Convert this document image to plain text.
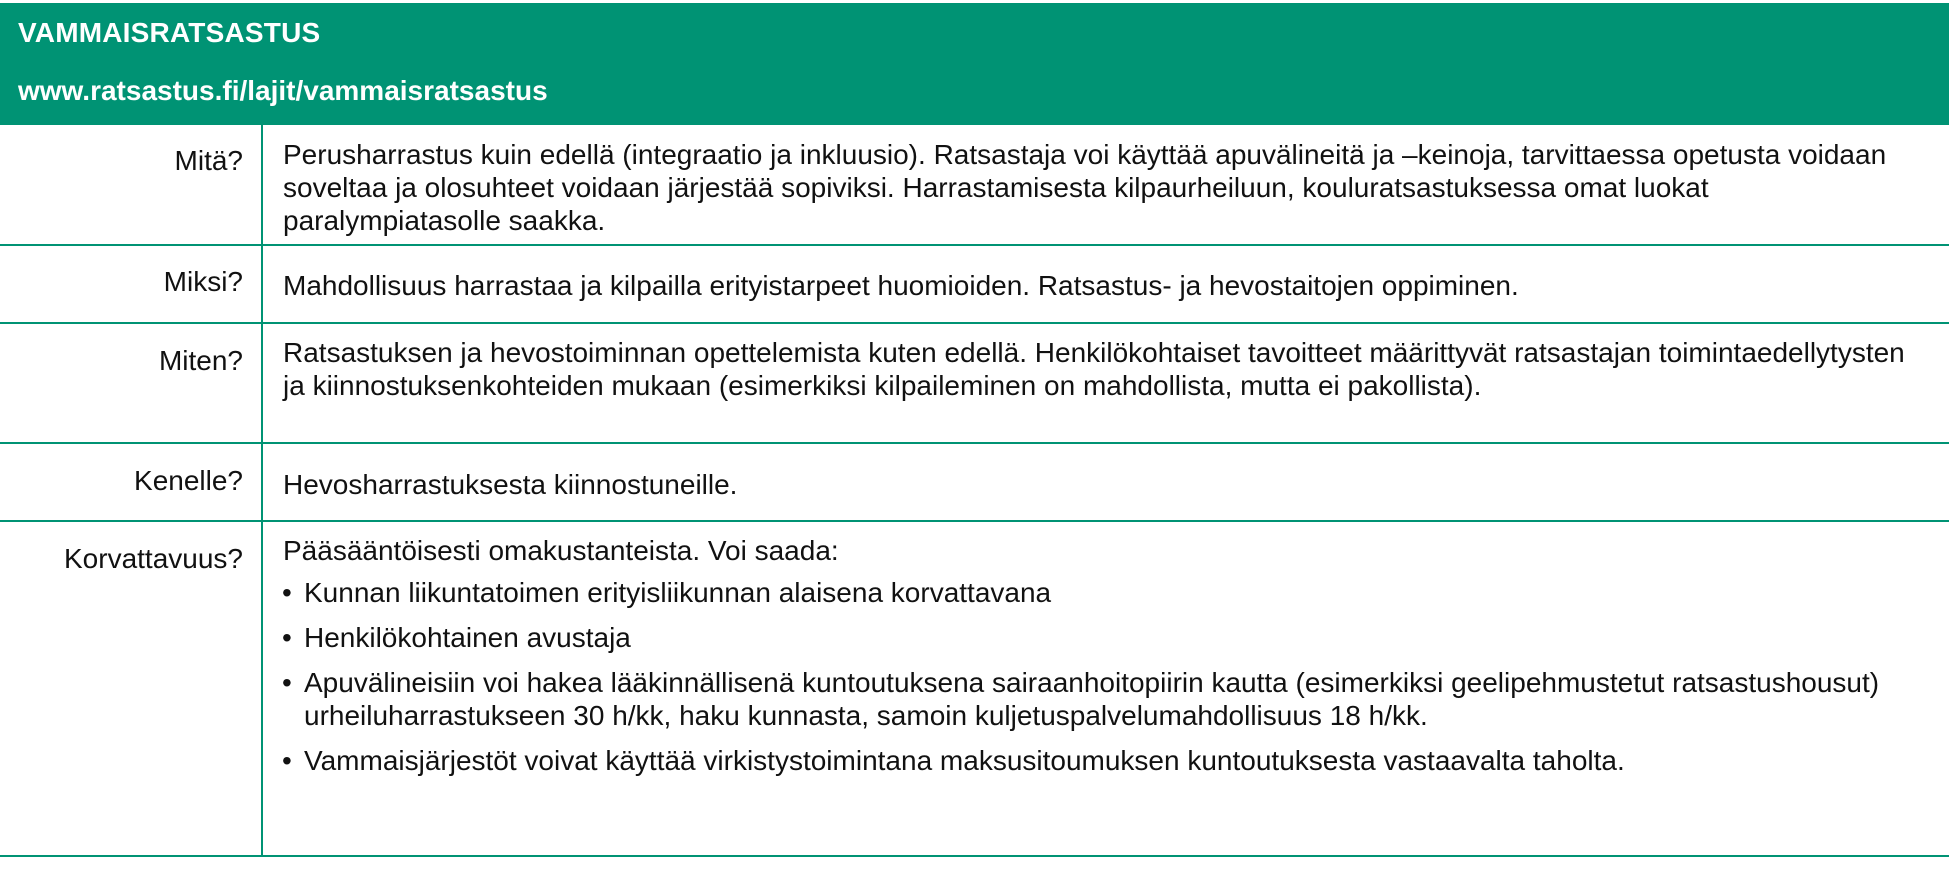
VAMMAISRATSASTUS
www.ratsastus.fi/lajit/vammaisratsastus
Mitä? Perusharrastus kuin edellä (integraatio ja inkluusio). Ratsastaja voi käyttää apuvälineitä ja –keinoja, tarvittaessa opetusta voidaan soveltaa ja olosuhteet voidaan järjestää sopiviksi. Harrastamisesta kilpaurheiluun, kouluratsastuksessa omat luokat paralympiatasolle saakka.
Miksi? Mahdollisuus harrastaa ja kilpailla erityistarpeet huomioiden. Ratsastus- ja hevostaitojen oppiminen.
Miten? Ratsastuksen ja hevostoiminnan opettelemista kuten edellä. Henkilökohtaiset tavoitteet määrittyvät ratsastajan toimintaedellytysten ja kiinnostuksenkohteiden mukaan (esimerkiksi kilpaileminen on mahdollista, mutta ei pakollista).
Kenelle? Hevosharrastuksesta kiinnostuneille.
Korvattavuus? Pääsääntöisesti omakustanteista. Voi saada:
• Kunnan liikuntatoimen erityisliikunnan alaisena korvattavana
• Henkilökohtainen avustaja
• Apuvälineisiin voi hakea lääkinnällisenä kuntoutuksena sairaanhoitopiirin kautta (esimerkiksi geelipehmustetut ratsastushousut) urheiluharrastukseen 30 h/kk, haku kunnasta, samoin kuljetuspalvelumahdollisuus 18 h/kk.
• Vammaisjärjestöt voivat käyttää virkistystoimintana maksusitoumuksen kuntoutuksesta vastaavalta taholta.
